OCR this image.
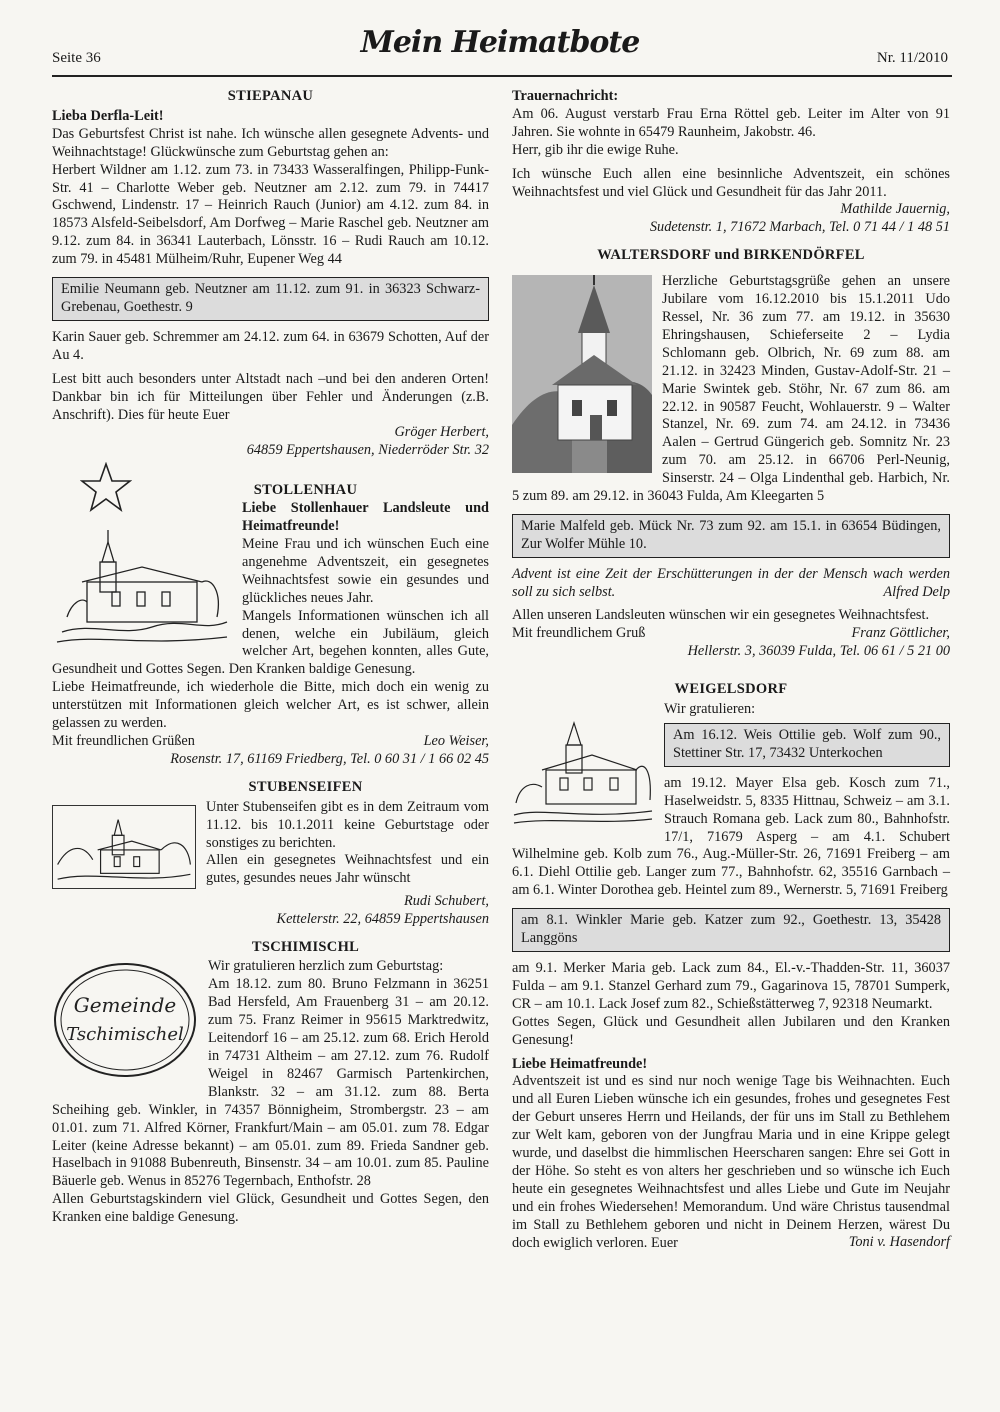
Seite 36	Mein Heimatbote	Nr. 11/2010
STIEPANAU

Lieba Derfla-Leit!

Das Geburtsfest Christ ist nahe. Ich wünsche allen gesegnete Advents- und Weihnachtstage! Glückwünsche zum Geburtstag gehen an:

Herbert Wildner am 1.12. zum 73. in 73433 Wasseralfingen, Philipp-Funk-Str. 41 – Charlotte Weber geb. Neutzner am 2.12. zum 79. in 74417 Gschwend, Lindenstr. 17 – Heinrich Rauch (Junior) am 4.12. zum 84. in 18573 Alsfeld-Seibelsdorf, Am Dorfweg – Marie Raschel geb. Neutzner am 9.12. zum 84. in 36341 Lauterbach, Lönsstr. 16 – Rudi Rauch am 10.12. zum 79. in 45481 Mülheim/Ruhr, Eupener Weg 44

Emilie Neumann geb. Neutzner am 11.12. zum 91. in 36323 Schwarz-Grebenau, Goethestr. 9

Karin Sauer geb. Schremmer am 24.12. zum 64. in 63679 Schotten, Auf der Au 4.

Lest bitt auch besonders unter Altstadt nach –und bei den anderen Orten! Dankbar bin ich für Mitteilungen über Fehler und Änderungen (z.B. Anschrift). Dies für heute Euer

Gröger Herbert,

64859 Eppertshausen, Niederröder Str. 32

STOLLENHAU

Liebe Stollenhauer Landsleute und Heimatfreunde!

Meine Frau und ich wünschen Euch eine angenehme Adventszeit, ein gesegnetes Weihnachtsfest sowie ein gesundes und glückliches neues Jahr.

Mangels Informationen wünschen ich all denen, welche ein Jubiläum, gleich welcher Art, begehen konnten, alles Gute, Gesundheit und Gottes Segen. Den Kranken baldige Genesung.

Liebe Heimatfreunde, ich wiederhole die Bitte, mich doch ein wenig zu unterstützen mit Informationen gleich welcher Art, es ist schwer, allein gelassen zu werden.

Mit freundlichen Grüßen	Leo Weiser,

Rosenstr. 17, 61169 Friedberg, Tel. 0 60 31 / 1 66 02 45

STUBENSEIFEN

Unter Stubenseifen gibt es in dem Zeitraum vom 11.12. bis 10.1.2011 keine Geburtstage oder sonstiges zu berichten.

Allen ein gesegnetes Weihnachtsfest und ein gutes, gesundes neues Jahr wünscht

Rudi Schubert,

Kettelerstr. 22, 64859 Eppertshausen

TSCHIMISCHL
Gemeinde
Tschimischel

Wir gratulieren herzlich zum Geburtstag:

Am 18.12. zum 80. Bruno Felzmann in 36251 Bad Hersfeld, Am Frauenberg 31 – am 20.12. zum 75. Franz Reimer in 95615 Marktredwitz, Leitendorf 16 – am 25.12. zum 68. Erich Herold in 74731 Altheim – am 27.12. zum 76. Rudolf Weigel in 82467 Garmisch Partenkirchen, Blankstr. 32 – am 31.12. zum 88. Berta Scheihing geb. Winkler, in 74357 Bönnigheim, Strombergstr. 23 – am 01.01. zum 71. Alfred Körner, Frankfurt/Main – am 05.01. zum 78. Edgar Leiter (keine Adresse bekannt) – am 05.01. zum 89. Frieda Sandner geb. Haselbach in 91088 Bubenreuth, Binsenstr. 34 – am 10.01. zum 85. Pauline Bäuerle geb. Wenus in 85276 Tegernbach, Enthofstr. 28

Allen Geburtstagskindern viel Glück, Gesundheit und Gottes Segen, den Kranken eine baldige Genesung.

Trauernachricht:

Am 06. August verstarb Frau Erna Röttel geb. Leiter im Alter von 91 Jahren. Sie wohnte in 65479 Raunheim, Jakobstr. 46.

Herr, gib ihr die ewige Ruhe.

Ich wünsche Euch allen eine besinnliche Adventszeit, ein schönes Weihnachtsfest und viel Glück und Gesundheit für das Jahr 2011.

Mathilde Jauernig,

Sudetenstr. 1, 71672 Marbach, Tel. 0 71 44 / 1 48 51

WALTERSDORF und BIRKENDÖRFEL

Herzliche Geburtstagsgrüße gehen an unsere Jubilare vom 16.12.2010 bis 15.1.2011 Udo Ressel, Nr. 36 zum 77. am 19.12. in 35630 Ehringshausen, Schieferseite 2 – Lydia Schlomann geb. Olbrich, Nr. 69 zum 88. am 21.12. in 32423 Minden, Gustav-Adolf-Str. 21 – Marie Swintek geb. Stöhr, Nr. 67 zum 86. am 22.12. in 90587 Feucht, Wohlauerstr. 9 – Walter Stanzel, Nr. 69. zum 74. am 24.12. in 73436 Aalen – Gertrud Güngerich geb. Somnitz Nr. 23 zum 70. am 25.12. in 66706 Perl-Neunig, Sinserstr. 24 – Olga Lindenthal geb. Harbich, Nr. 5 zum 89. am 29.12. in 36043 Fulda, Am Kleegarten 5

Marie Malfeld geb. Mück Nr. 73 zum 92. am 15.1. in 63654 Büdingen, Zur Wolfer Mühle 10.

Advent ist eine Zeit der Erschütterungen in der der Mensch wach werden soll zu sich selbst.	Alfred Delp

Allen unseren Landsleuten wünschen wir ein gesegnetes Weihnachtsfest.

Mit freundlichem Gruß	Franz Göttlicher,

Hellerstr. 3, 36039 Fulda, Tel. 06 61 / 5 21 00

WEIGELSDORF

Wir gratulieren:

Am 16.12. Weis Ottilie geb. Wolf zum 90., Stettiner Str. 17, 73432 Unterkochen

am 19.12. Mayer Elsa geb. Kosch zum 71., Haselweidstr. 5, 8335 Hittnau, Schweiz – am 3.1. Strauch Romana geb. Lack zum 80., Bahnhofstr. 17/1, 71679 Asperg – am 4.1. Schubert Wilhelmine geb. Kolb zum 76., Aug.-Müller-Str. 26, 71691 Freiberg – am 6.1. Diehl Ottilie geb. Langer zum 77., Bahnhofstr. 62, 35516 Garnbach – am 6.1. Winter Dorothea geb. Heintel zum 89., Wernerstr. 5, 71691 Freiberg

am 8.1. Winkler Marie geb. Katzer zum 92., Goethestr. 13, 35428 Langgöns

am 9.1. Merker Maria geb. Lack zum 84., El.-v.-Thadden-Str. 11, 36037 Fulda – am 9.1. Stanzel Gerhard zum 79., Gagarinova 15, 78701 Sumperk, CR – am 10.1. Lack Josef zum 82., Schießstätterweg 7, 92318 Neumarkt.

Gottes Segen, Glück und Gesundheit allen Jubilaren und den Kranken Genesung!

Liebe Heimatfreunde!

Adventszeit ist und es sind nur noch wenige Tage bis Weihnachten. Euch und all Euren Lieben wünsche ich ein gesundes, frohes und gesegnetes Fest der Geburt unseres Herrn und Heilands, der für uns im Stall zu Bethlehem zur Welt kam, geboren von der Jungfrau Maria und in eine Krippe gelegt wurde, und daselbst die himmlischen Heerscharen sangen: Ehre sei Gott in der Höhe. So steht es von alters her geschrieben und so wünsche ich Euch heute ein gesegnetes Weihnachtsfest und alles Liebe und Gute im Neujahr und ein frohes Wiedersehen! Memorandum. Und wäre Christus tausendmal im Stall zu Bethlehem geboren und nicht in Deinem Herzen, wärest Du doch ewiglich verloren. Euer	Toni v. Hasendorf
